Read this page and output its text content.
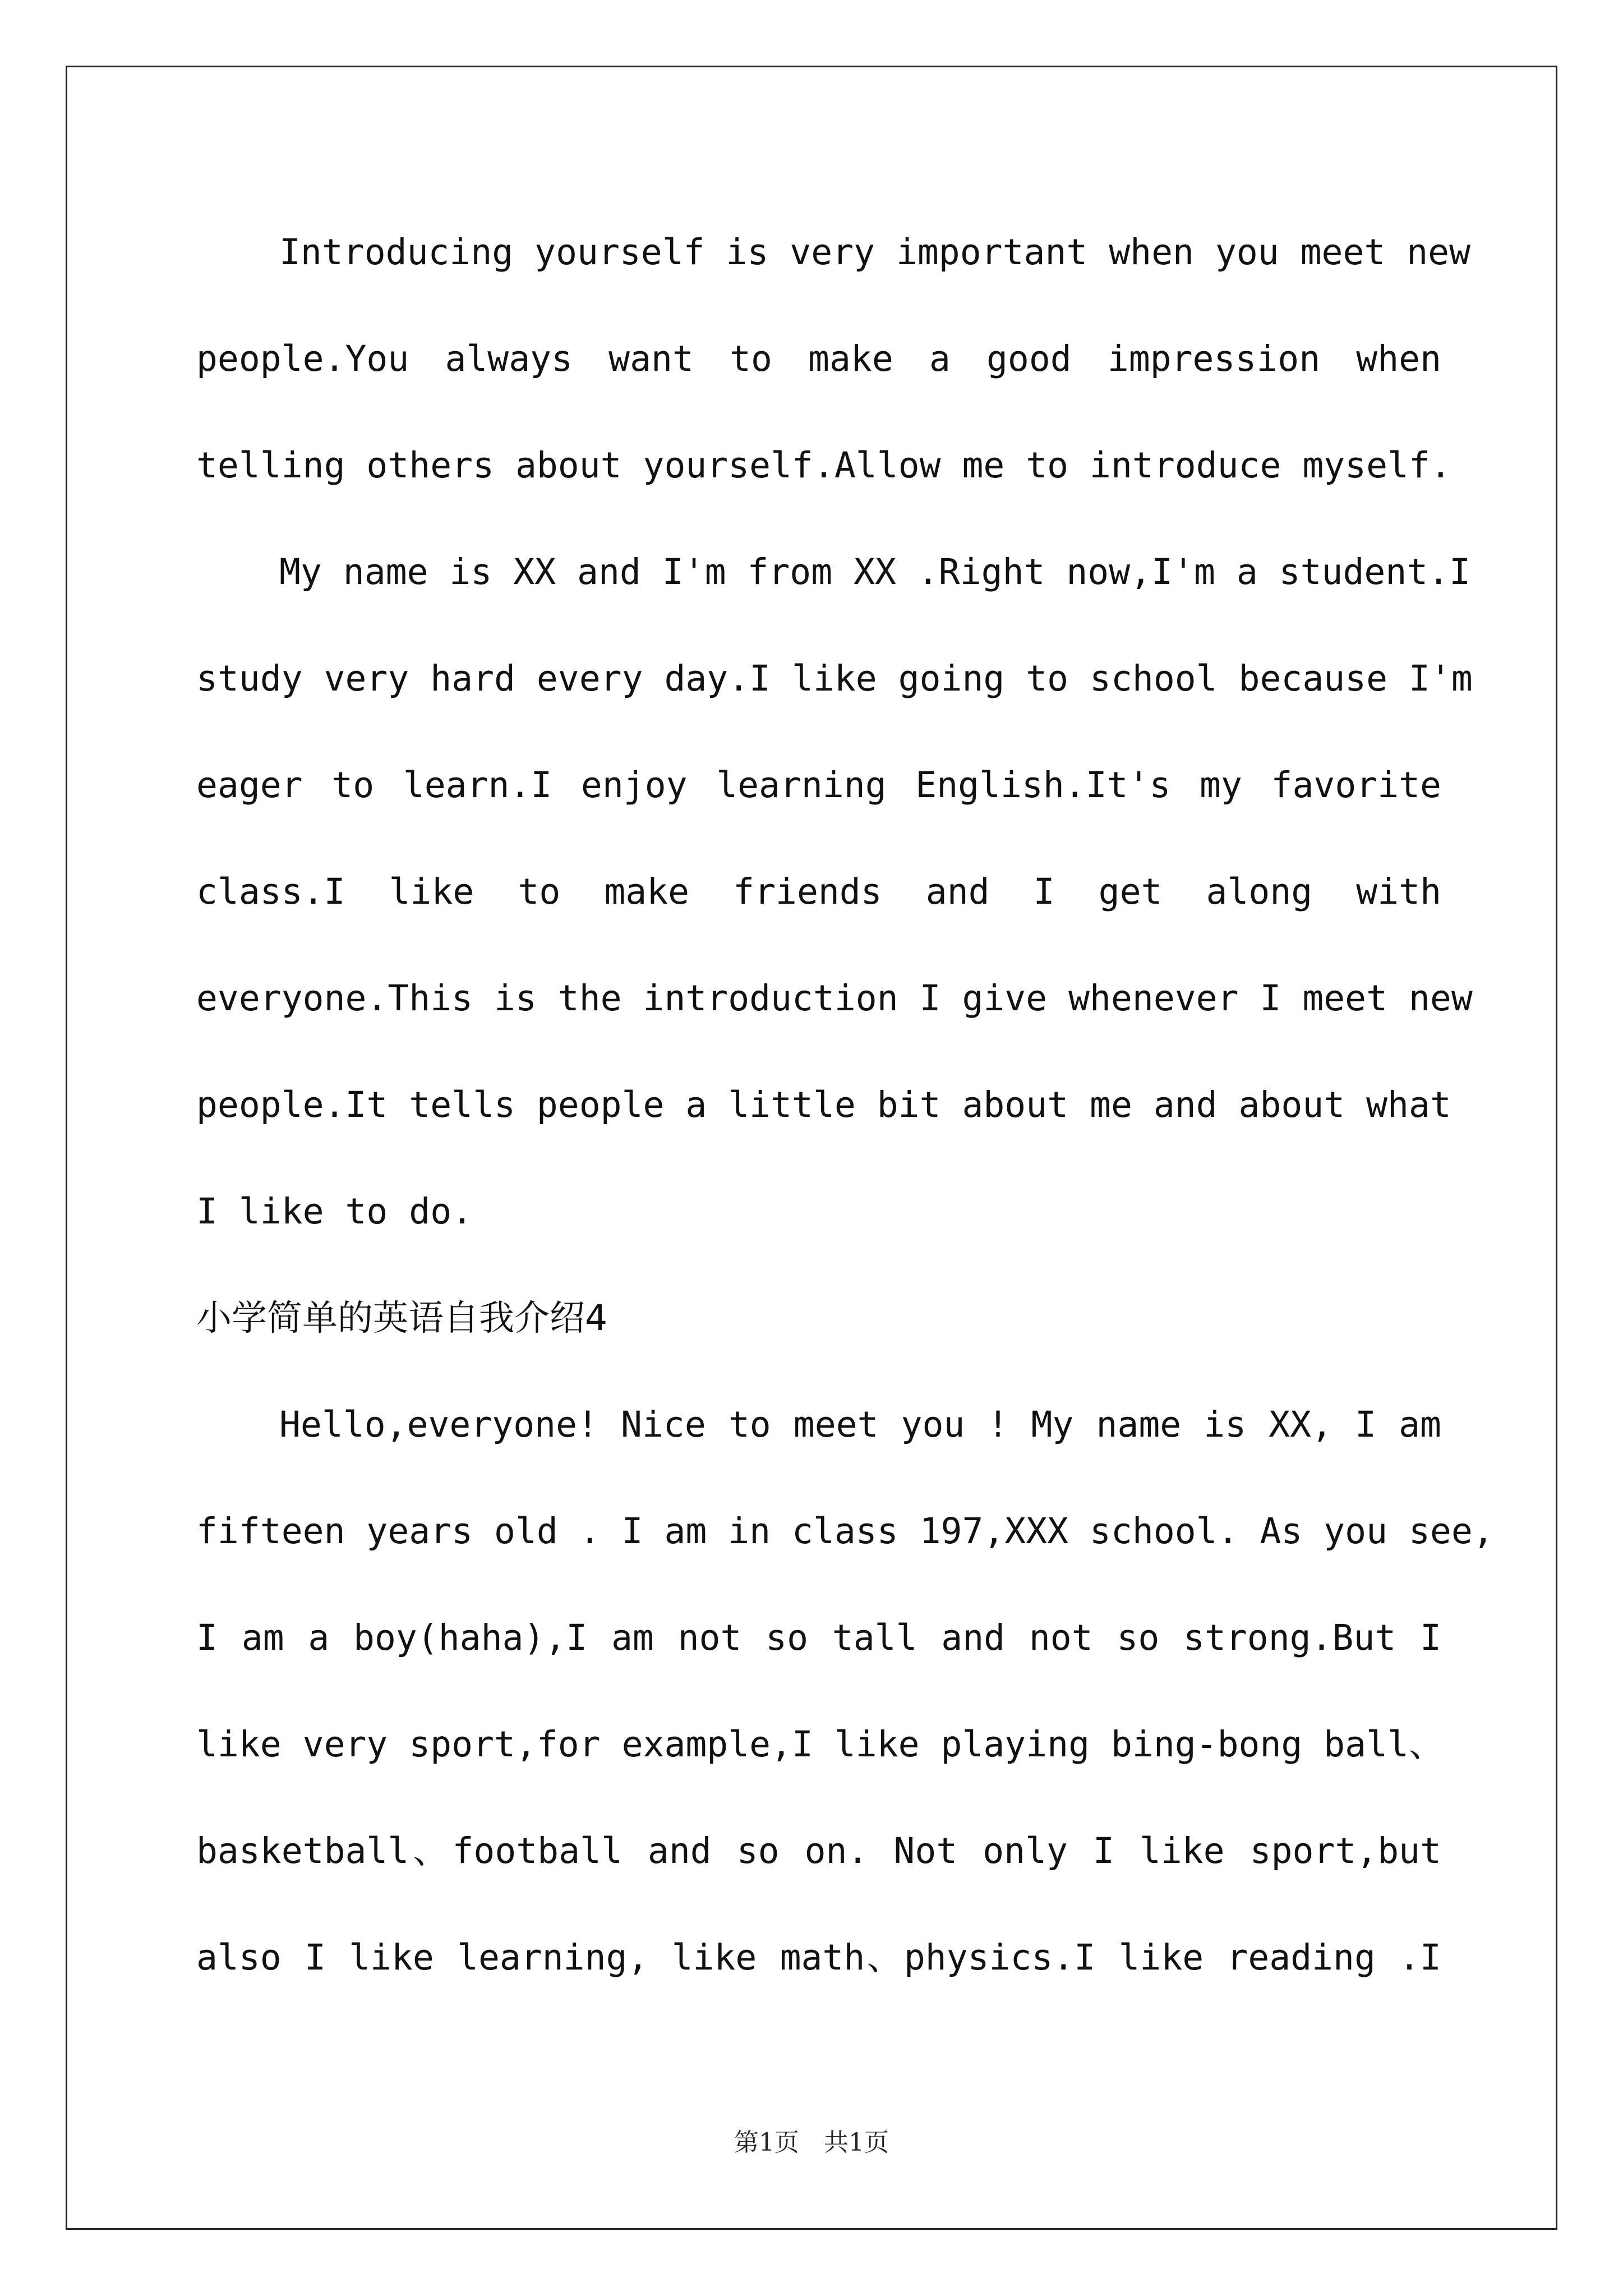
Introducing yourself is very important when you meet new
people.You always want to make a good impression when
telling others about yourself.Allow me to introduce myself.
My name is XX and I'm from XX .Right now,I'm a student.I
study very hard every day.I like going to school because I'm
eager to learn.I enjoy learning English.It's my favorite
class.I like to make friends and I get along with
everyone.This is the introduction I give whenever I meet new
people.It tells people a little bit about me and about what
I like to do.
小学简单的英语自我介绍4
Hello,everyone! Nice to meet you ! My name is XX, I am
fifteen years old . I am in class 197,XXX school. As you see,
I am a boy(haha),I am not so tall and not so strong.But I
like very sport,for example,I like playing bing-bong ball、
basketball、football and so on. Not only I like sport,but
also I like learning, like math、physics.I like reading .I
第1页　共1页
